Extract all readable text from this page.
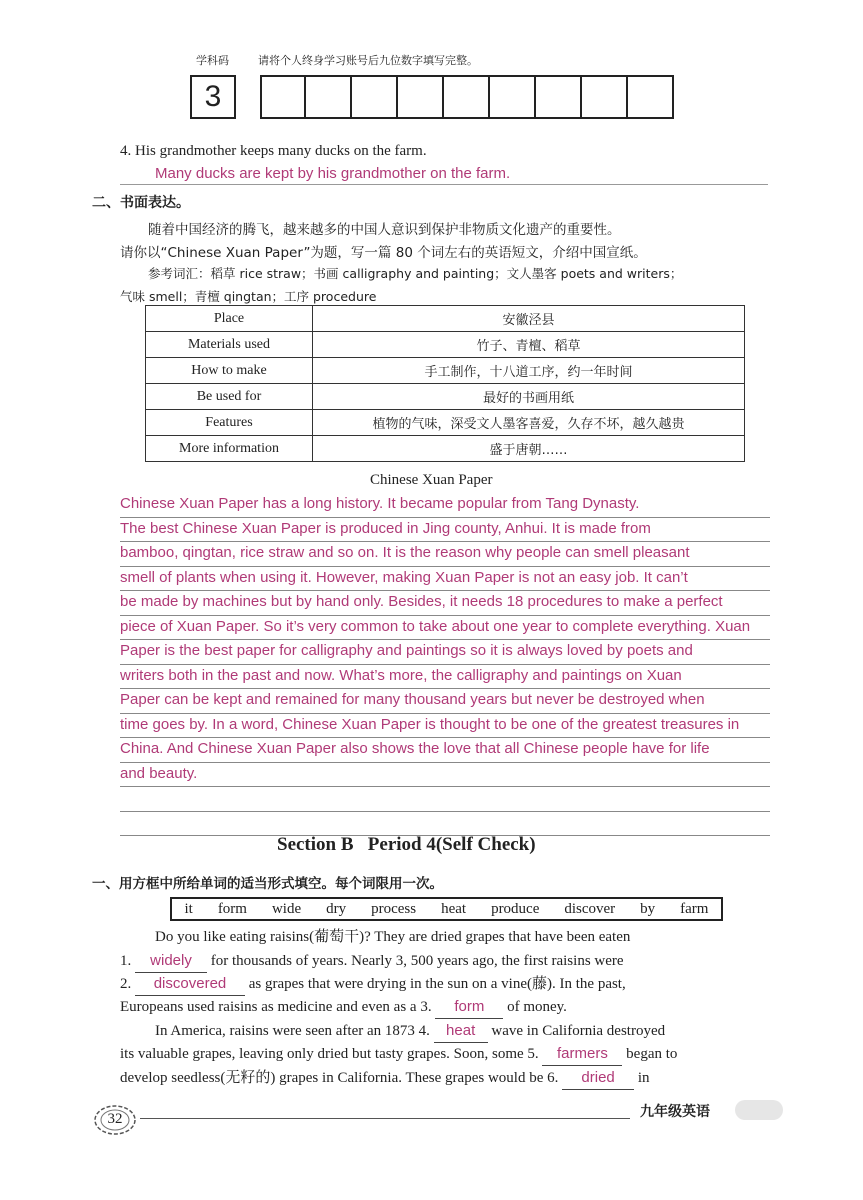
学科码	请将个人终身学习账号后九位数字填写完整。
3
4. His grandmother keeps many ducks on the farm.
Many ducks are kept by his grandmother on the farm.
二、书面表达。
随着中国经济的腾飞，越来越多的中国人意识到保护非物质文化遗产的重要性。
请你以“Chinese Xuan Paper”为题，写一篇 80 个词左右的英语短文，介绍中国宣纸。
参考词汇：稻草 rice straw；书画 calligraphy and painting；文人墨客 poets and writers；
气味 smell；青檀 qingtan；工序 procedure
Place	安徽泾县
Materials used	竹子、青檀、稻草
How to make	手工制作，十八道工序，约一年时间
Be used for	最好的书画用纸
Features	植物的气味，深受文人墨客喜爱，久存不坏，越久越贵
More information	盛于唐朝……
Chinese Xuan Paper
Chinese Xuan Paper has a long history. It became popular from Tang Dynasty.
The best Chinese Xuan Paper is produced in Jing county, Anhui. It is made from
bamboo, qingtan, rice straw and so on. It is the reason why people can smell pleasant
smell of plants when using it. However, making Xuan Paper is not an easy job. It can’t
be made by machines but by hand only. Besides, it needs 18 procedures to make a perfect
piece of Xuan Paper. So it’s very common to take about one year to complete everything. Xuan
Paper is the best paper for calligraphy and paintings so it is always loved by poets and
writers both in the past and now. What’s more, the calligraphy and paintings on Xuan
Paper can be kept and remained for many thousand years but never be destroyed when
time goes by. In a word, Chinese Xuan Paper is thought to be one of the greatest treasures in
China. And Chinese Xuan Paper also shows the love that all Chinese people have for life
and beauty.
Section B   Period 4(Self Check)
一、用方框中所给单词的适当形式填空。每个词限用一次。
it form wide dry process heat produce discover by farm
Do you like eating raisins(葡萄干)? They are dried grapes that have been eaten
1. widely for thousands of years. Nearly 3, 500 years ago, the first raisins were
2. discovered as grapes that were drying in the sun on a vine(藤). In the past,
Europeans used raisins as medicine and even as a 3. form of money.
In America, raisins were seen after an 1873 4. heat wave in California destroyed
its valuable grapes, leaving only dried but tasty grapes. Soon, some 5. farmers began to
develop seedless(无籽的) grapes in California. These grapes would be 6. dried in
32	九年级英语
